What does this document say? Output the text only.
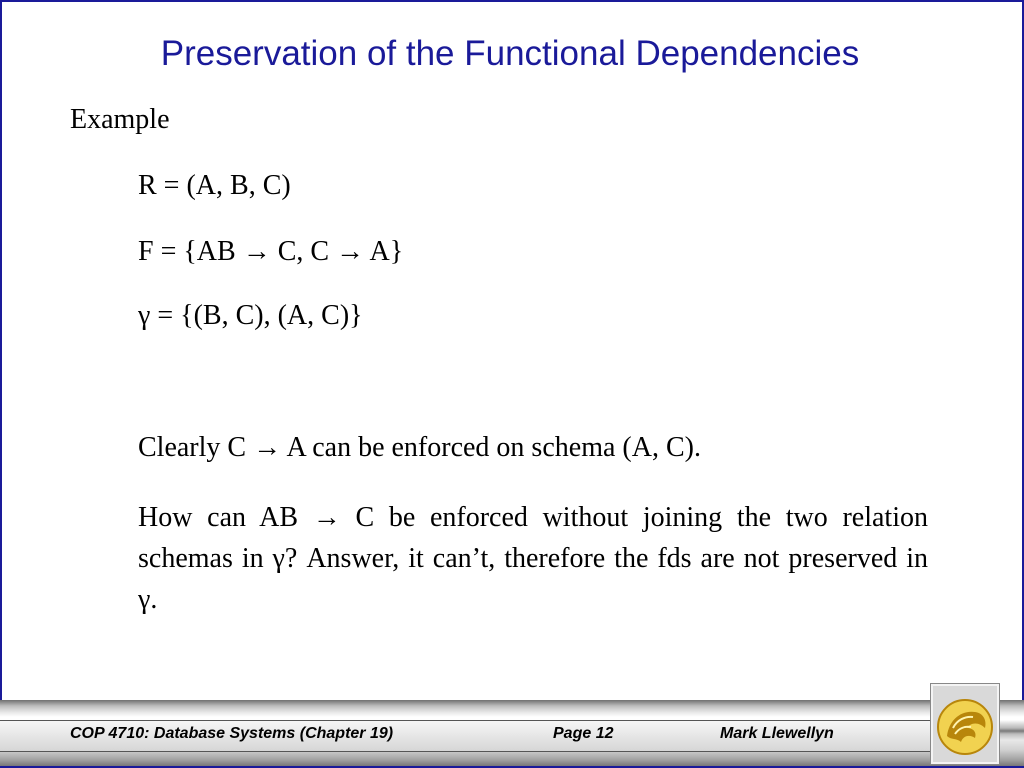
Preservation of the Functional Dependencies
Example
R = (A, B, C)
F = {AB → C, C → A}
γ = {(B, C), (A, C)}
Clearly C → A can be enforced on schema (A, C).
How can AB → C be enforced without joining the two relation schemas in γ? Answer, it can’t, therefore the fds are not preserved in γ.
COP 4710: Database Systems (Chapter 19)	Page 12	Mark Llewellyn
